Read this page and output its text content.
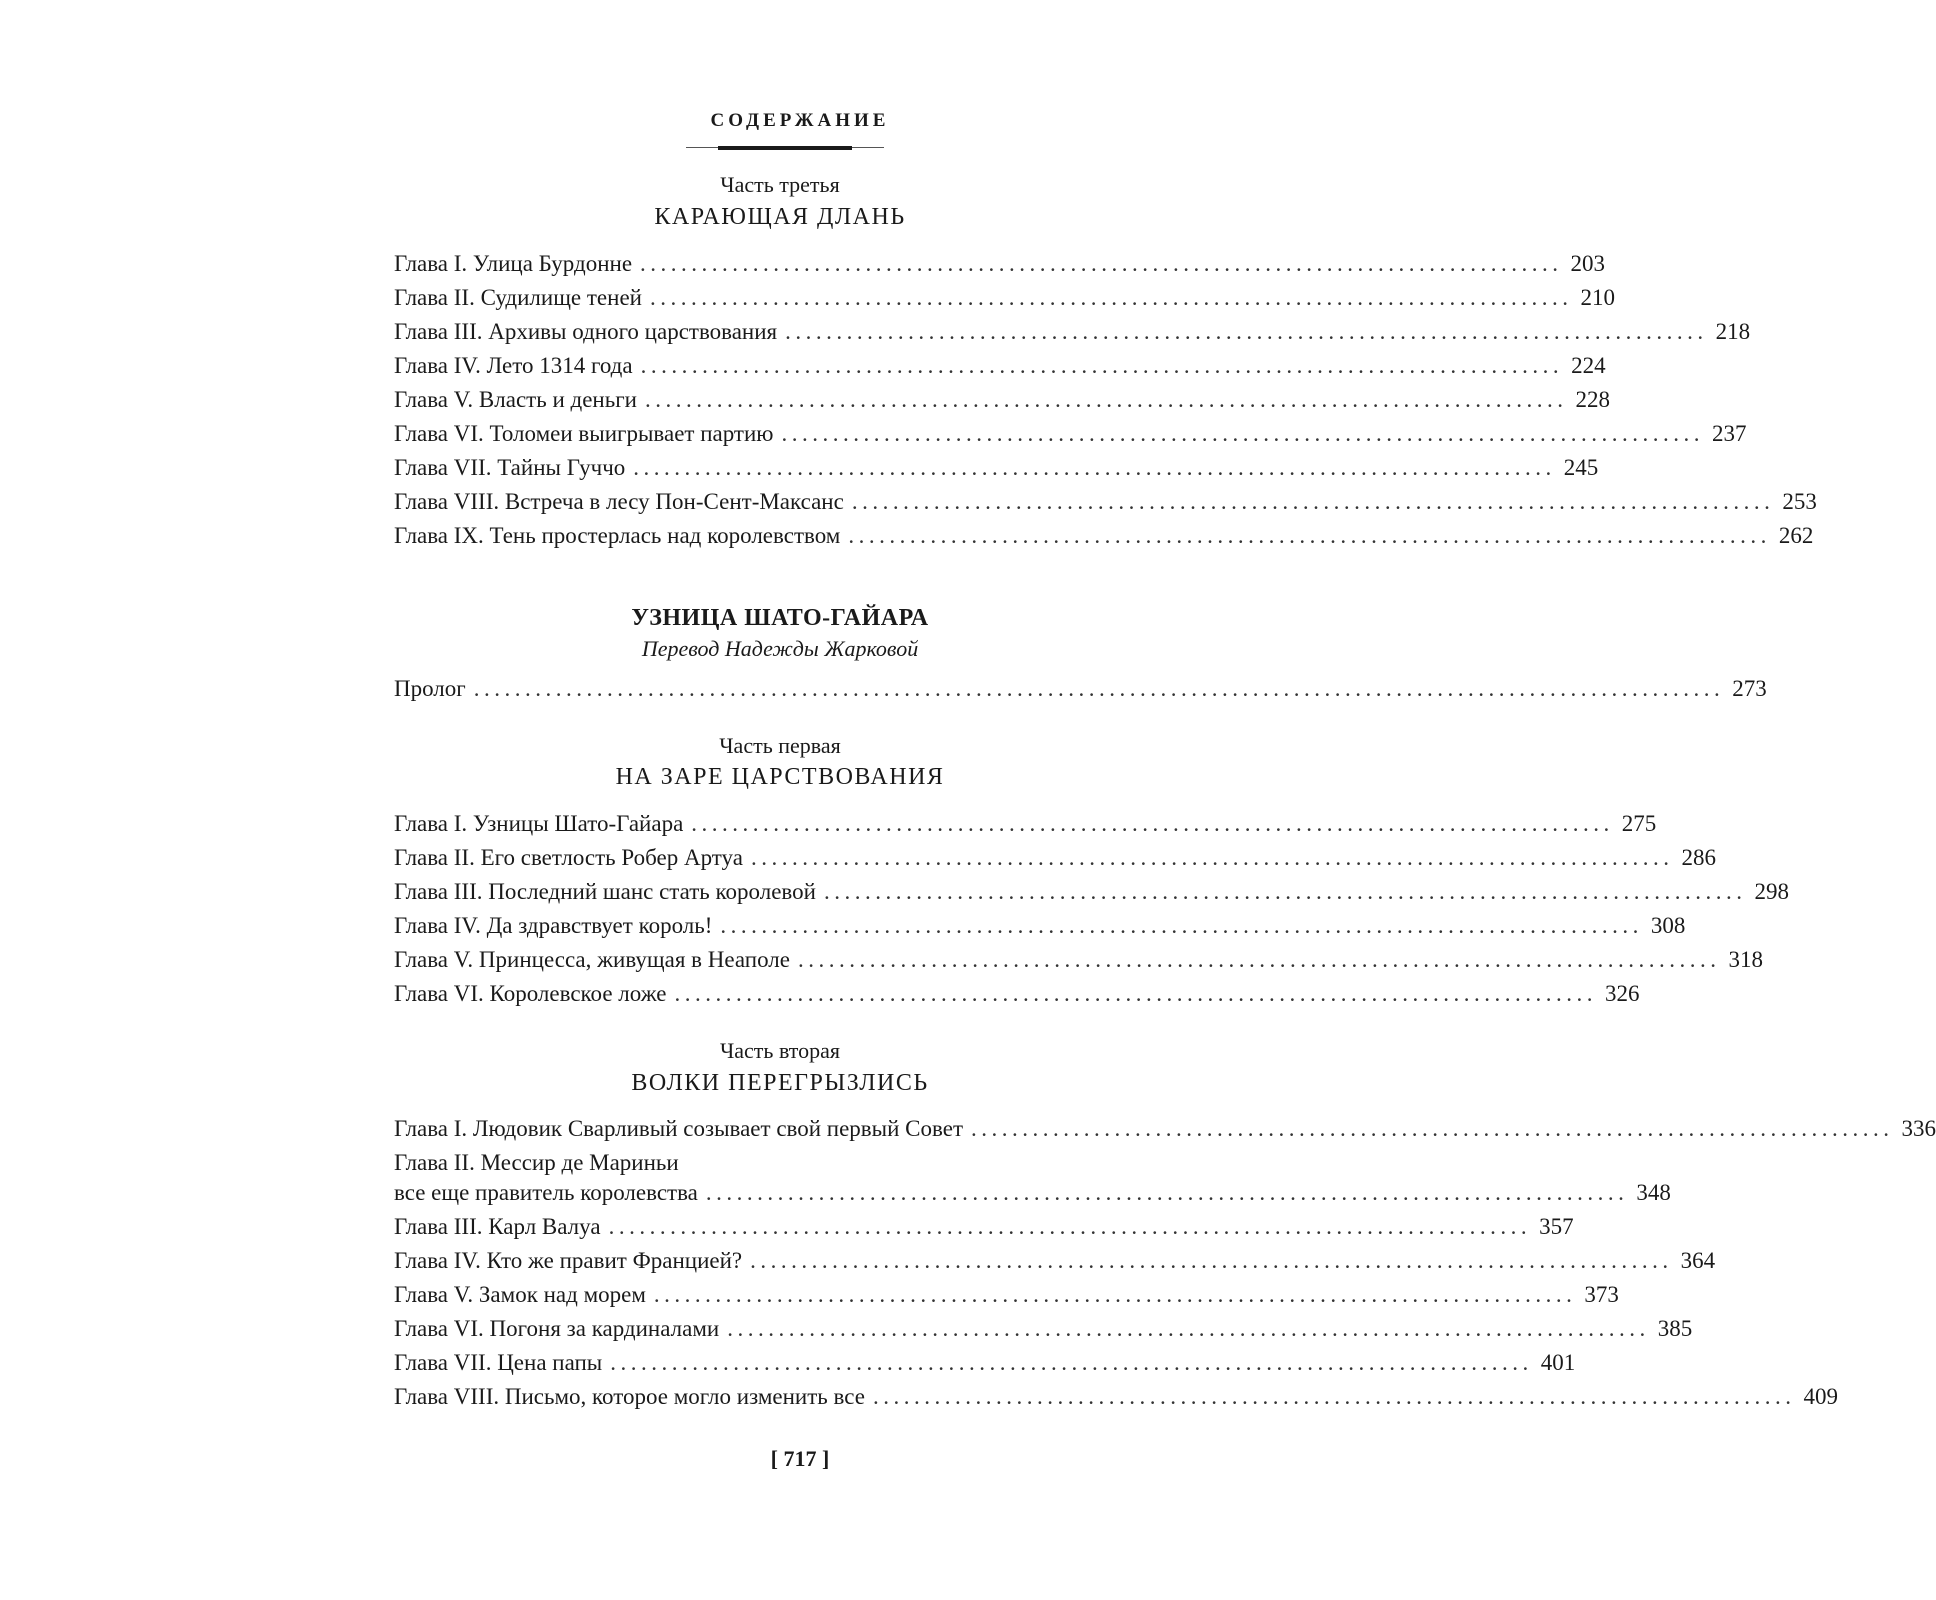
СОДЕРЖАНИЕ
Часть третья
КАРАЮЩАЯ ДЛАНЬ
Глава I. Улица Бурдонне .......................................................................................... 203
Глава II. Судилище теней .......................................................................................... 210
Глава III. Архивы одного царствования .......................................................................................... 218
Глава IV. Лето 1314 года .......................................................................................... 224
Глава V. Власть и деньги .......................................................................................... 228
Глава VI. Толомеи выигрывает партию .......................................................................................... 237
Глава VII. Тайны Гуччо .......................................................................................... 245
Глава VIII. Встреча в лесу Пон-Сент-Максанс .......................................................................................... 253
Глава IX. Тень простерлась над королевством .......................................................................................... 262
УЗНИЦА ШАТО-ГАЙАРА
Перевод Надежды Жарковой
Пролог .......................................................................................................................... 273
Часть первая
НА ЗАРЕ ЦАРСТВОВАНИЯ
Глава I. Узницы Шато-Гайара .......................................................................................... 275
Глава II. Его светлость Робер Артуа .......................................................................................... 286
Глава III. Последний шанс стать королевой .......................................................................................... 298
Глава IV. Да здравствует король! .......................................................................................... 308
Глава V. Принцесса, живущая в Неаполе .......................................................................................... 318
Глава VI. Королевское ложе .......................................................................................... 326
Часть вторая
ВОЛКИ ПЕРЕГРЫЗЛИСЬ
Глава I. Людовик Сварливый созывает свой первый Совет .......................................................................................... 336
Глава II. Мессир де Мариньи
все еще правитель королевства .......................................................................................... 348
Глава III. Карл Валуа .......................................................................................... 357
Глава IV. Кто же правит Францией? .......................................................................................... 364
Глава V. Замок над морем .......................................................................................... 373
Глава VI. Погоня за кардиналами .......................................................................................... 385
Глава VII. Цена папы .......................................................................................... 401
Глава VIII. Письмо, которое могло изменить все .......................................................................................... 409
[ 717 ]
